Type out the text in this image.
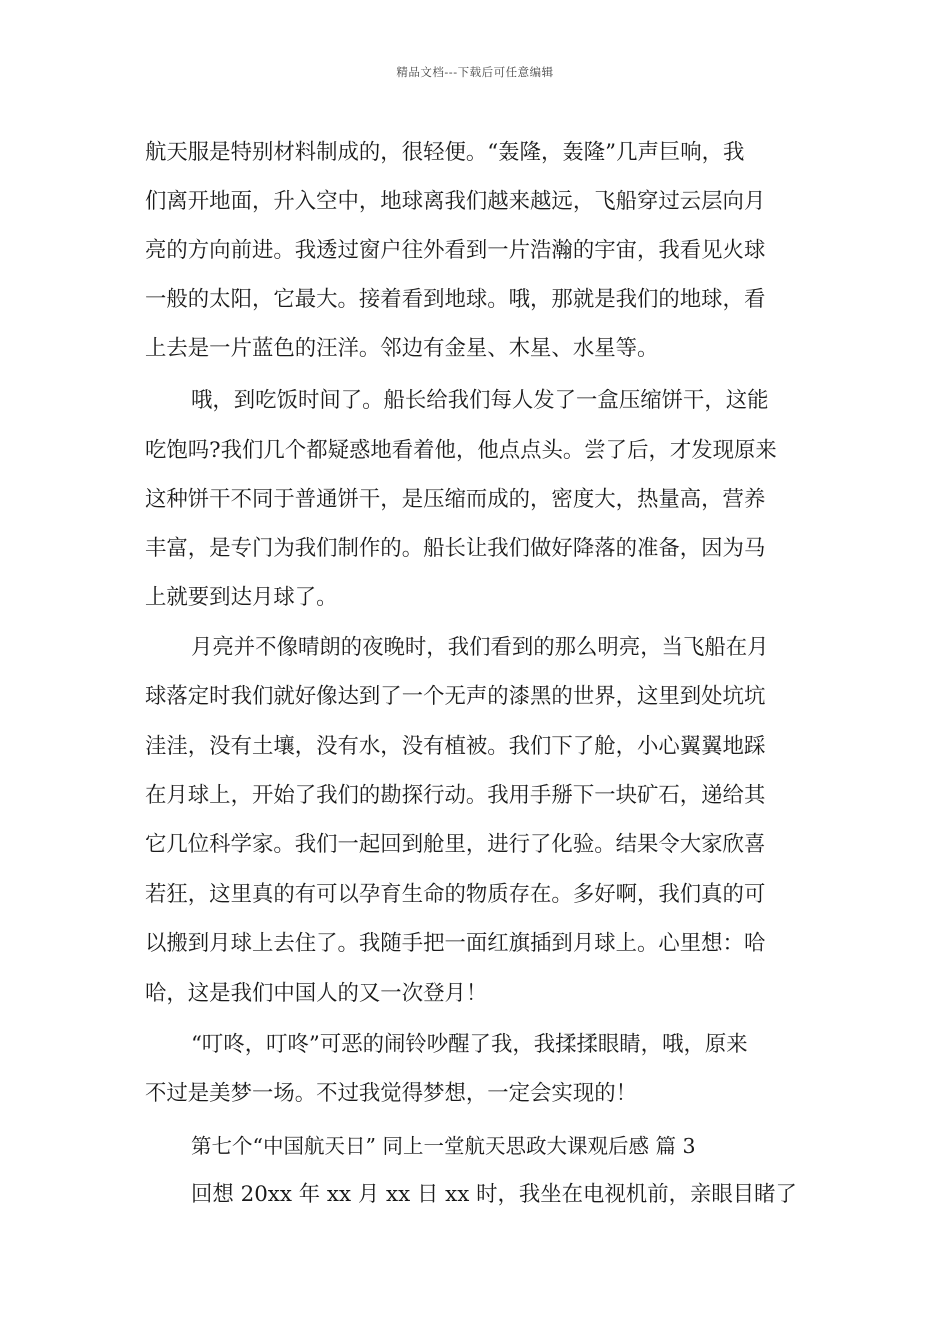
精品文档---下载后可任意编辑
航天服是特别材料制成的，很轻便。“轰隆，轰隆”几声巨响，我
们离开地面，升入空中，地球离我们越来越远，飞船穿过云层向月
亮的方向前进。我透过窗户往外看到一片浩瀚的宇宙，我看见火球
一般的太阳，它最大。接着看到地球。哦，那就是我们的地球，看
上去是一片蓝色的汪洋。邻边有金星、木星、水星等。
哦，到吃饭时间了。船长给我们每人发了一盒压缩饼干，这能
吃饱吗?我们几个都疑惑地看着他，他点点头。尝了后，才发现原来
这种饼干不同于普通饼干，是压缩而成的，密度大，热量高，营养
丰富，是专门为我们制作的。船长让我们做好降落的准备，因为马
上就要到达月球了。
月亮并不像晴朗的夜晚时，我们看到的那么明亮，当飞船在月
球落定时我们就好像达到了一个无声的漆黑的世界，这里到处坑坑
洼洼，没有土壤，没有水，没有植被。我们下了舱，小心翼翼地踩
在月球上，开始了我们的勘探行动。我用手掰下一块矿石，递给其
它几位科学家。我们一起回到舱里，进行了化验。结果令大家欣喜
若狂，这里真的有可以孕育生命的物质存在。多好啊，我们真的可
以搬到月球上去住了。我随手把一面红旗插到月球上。心里想：哈
哈，这是我们中国人的又一次登月！
“叮咚，叮咚”可恶的闹铃吵醒了我，我揉揉眼睛，哦，原来
不过是美梦一场。不过我觉得梦想，一定会实现的！
第七个“中国航天日” 同上一堂航天思政大课观后感 篇 3
回想 20xx 年 xx 月 xx 日 xx 时，我坐在电视机前，亲眼目睹了
